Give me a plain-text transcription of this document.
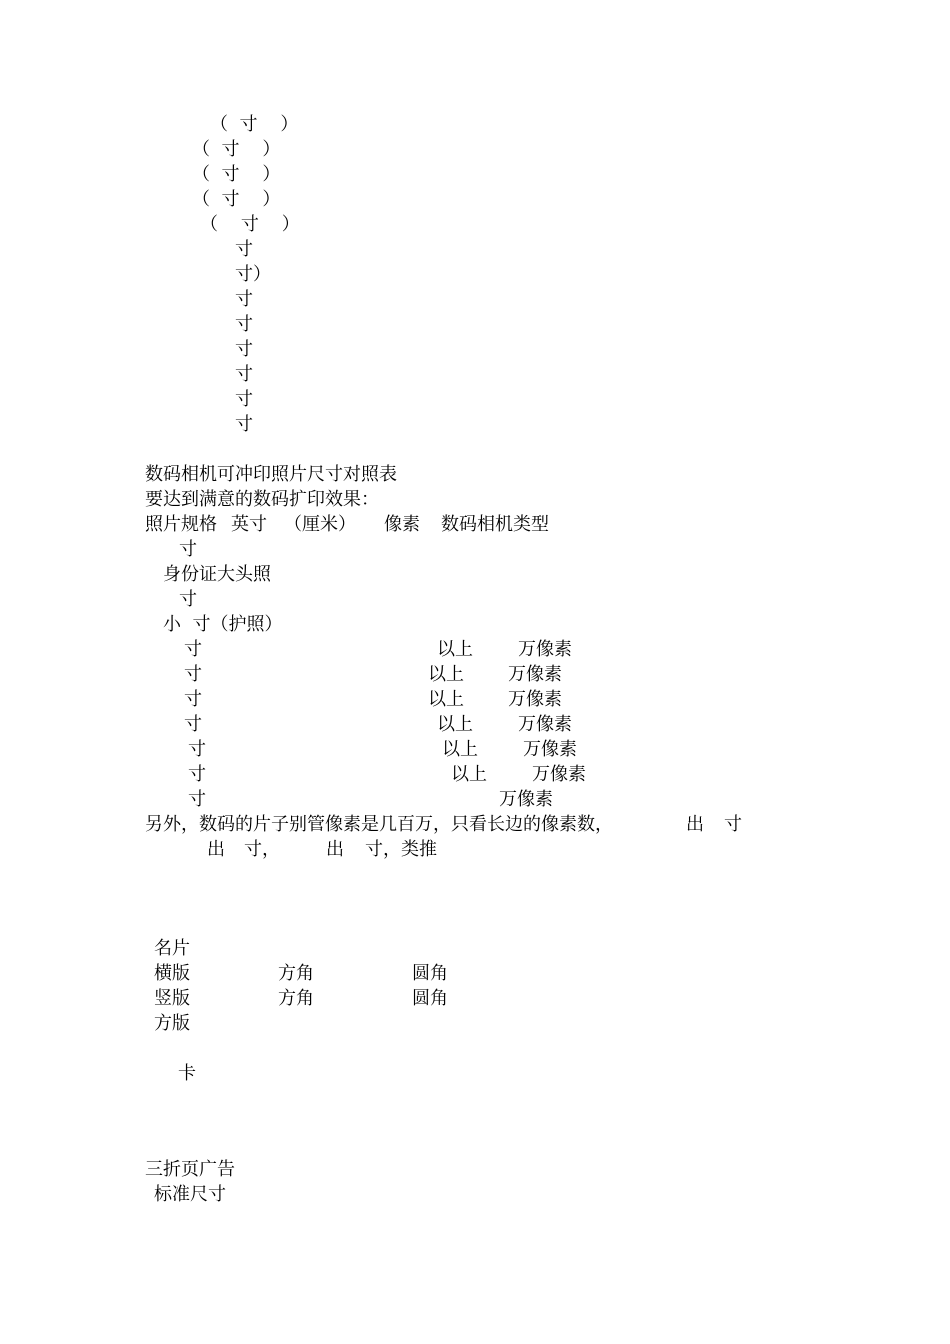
（  寸    ）
（  寸    ）
（  寸    ）
（  寸    ）
（    寸    ）
寸
寸）
寸
寸
寸
寸
寸
寸
数码相机可冲印照片尺寸对照表
要达到满意的数码扩印效果：
照片规格 英寸 （厘米） 像素 数码相机类型
寸
身份证大头照
寸
小  寸（护照）
寸	以上	万像素
寸	以上 万像素
寸	以上 万像素
寸	以上	万像素
寸	以上	万像素
寸	以上	万像素
寸	万像素
另外，数码的片子别管像素是几百万，只看长边的像素数，	出 寸
出 寸，	出 寸，类推
名片
横版	方角	圆角
竖版	方角	圆角
方版
卡
三折页广告
标准尺寸
